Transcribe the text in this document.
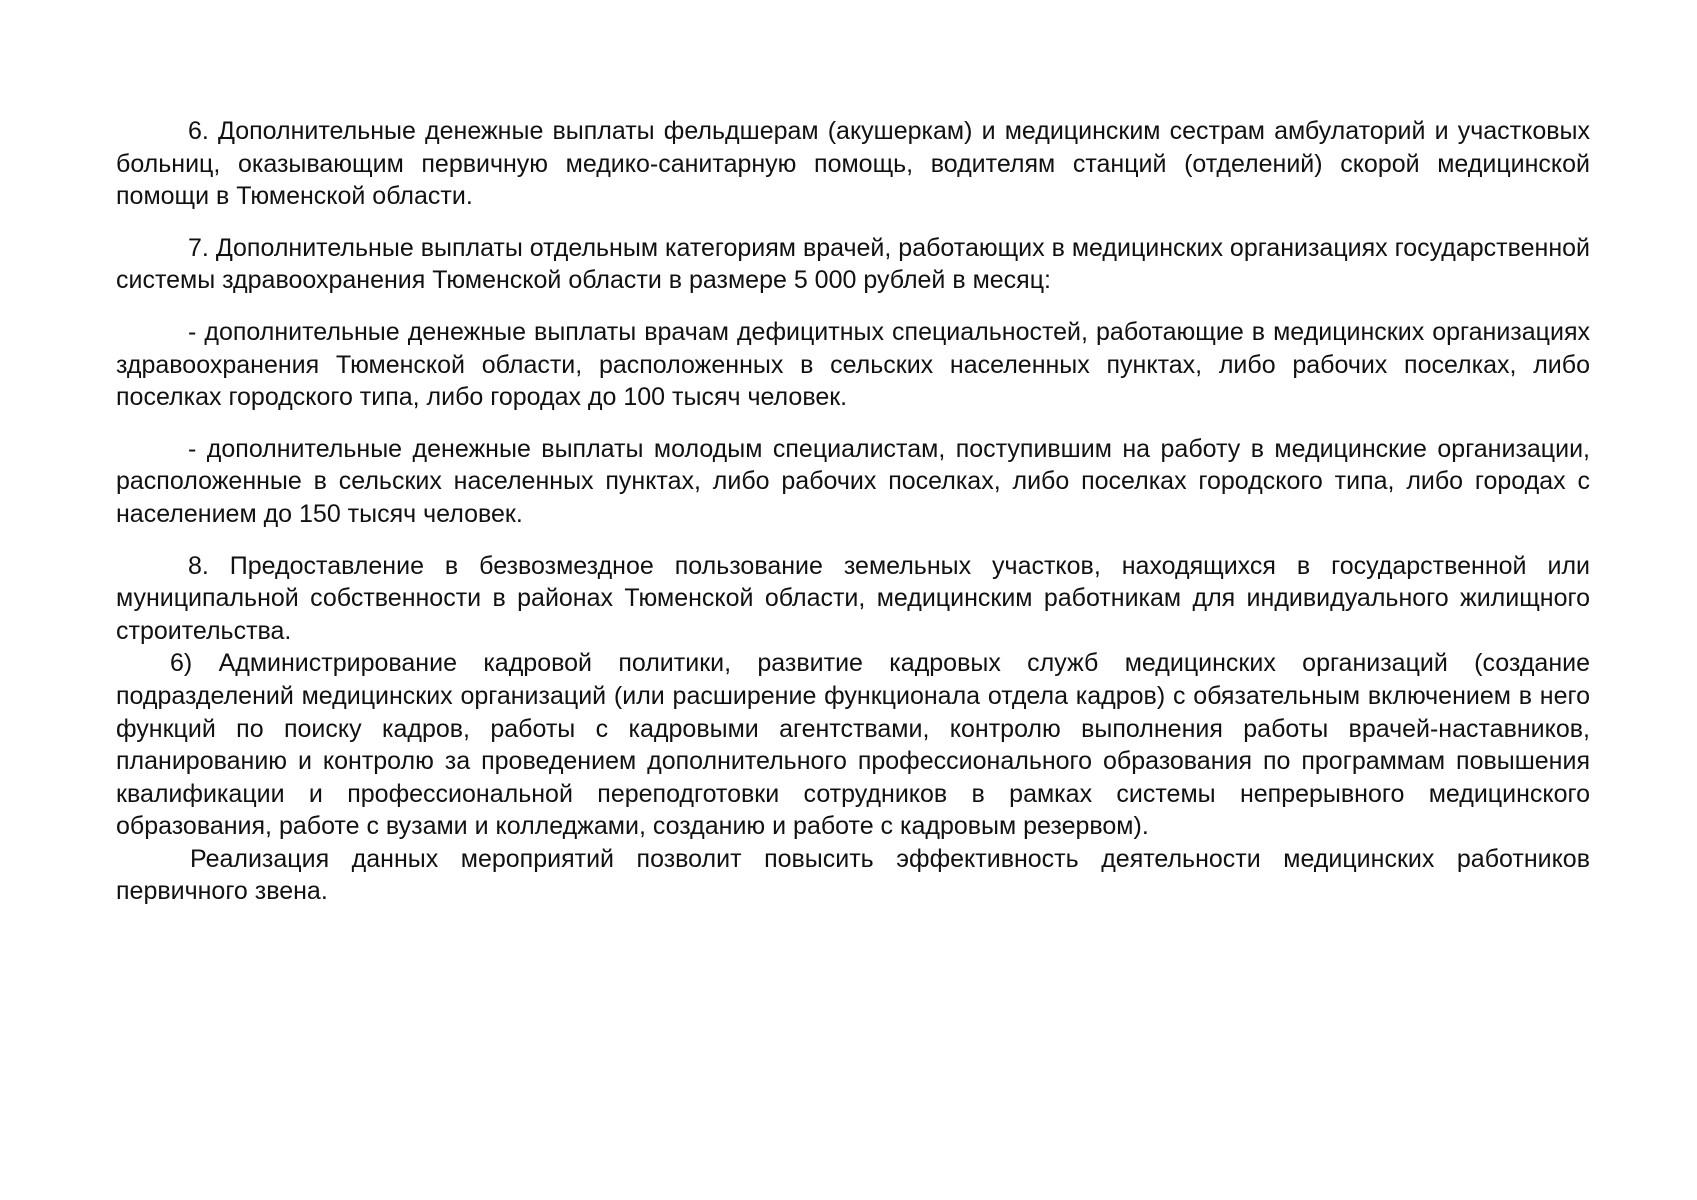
6. Дополнительные денежные выплаты фельдшерам (акушеркам) и медицинским сестрам амбулаторий и участковых больниц, оказывающим первичную медико-санитарную помощь, водителям станций (отделений) скорой медицинской помощи в Тюменской области.

7. Дополнительные выплаты отдельным категориям врачей, работающих в медицинских организациях государственной системы здравоохранения Тюменской области в размере 5 000 рублей в месяц:

- дополнительные денежные выплаты врачам дефицитных специальностей, работающие в медицинских организациях здравоохранения Тюменской области, расположенных в сельских населенных пунктах, либо рабочих поселках, либо поселках городского типа, либо городах до 100 тысяч человек.

- дополнительные денежные выплаты молодым специалистам, поступившим на работу в медицинские организации, расположенные в сельских населенных пунктах, либо рабочих поселках, либо поселках городского типа, либо городах с населением до 150 тысяч человек.

8. Предоставление в безвозмездное пользование земельных участков, находящихся в государственной или муниципальной собственности в районах Тюменской области, медицинским работникам для индивидуального жилищного строительства.

6) Администрирование кадровой политики, развитие кадровых служб медицинских организаций (создание подразделений медицинских организаций (или расширение функционала отдела кадров) с обязательным включением в него функций по поиску кадров, работы с кадровыми агентствами, контролю выполнения работы врачей-наставников, планированию и контролю за проведением дополнительного профессионального образования по программам повышения квалификации и профессиональной переподготовки сотрудников в рамках системы непрерывного медицинского образования, работе с вузами и колледжами, созданию и работе с кадровым резервом).

Реализация данных мероприятий позволит повысить эффективность деятельности медицинских работников первичного звена.
